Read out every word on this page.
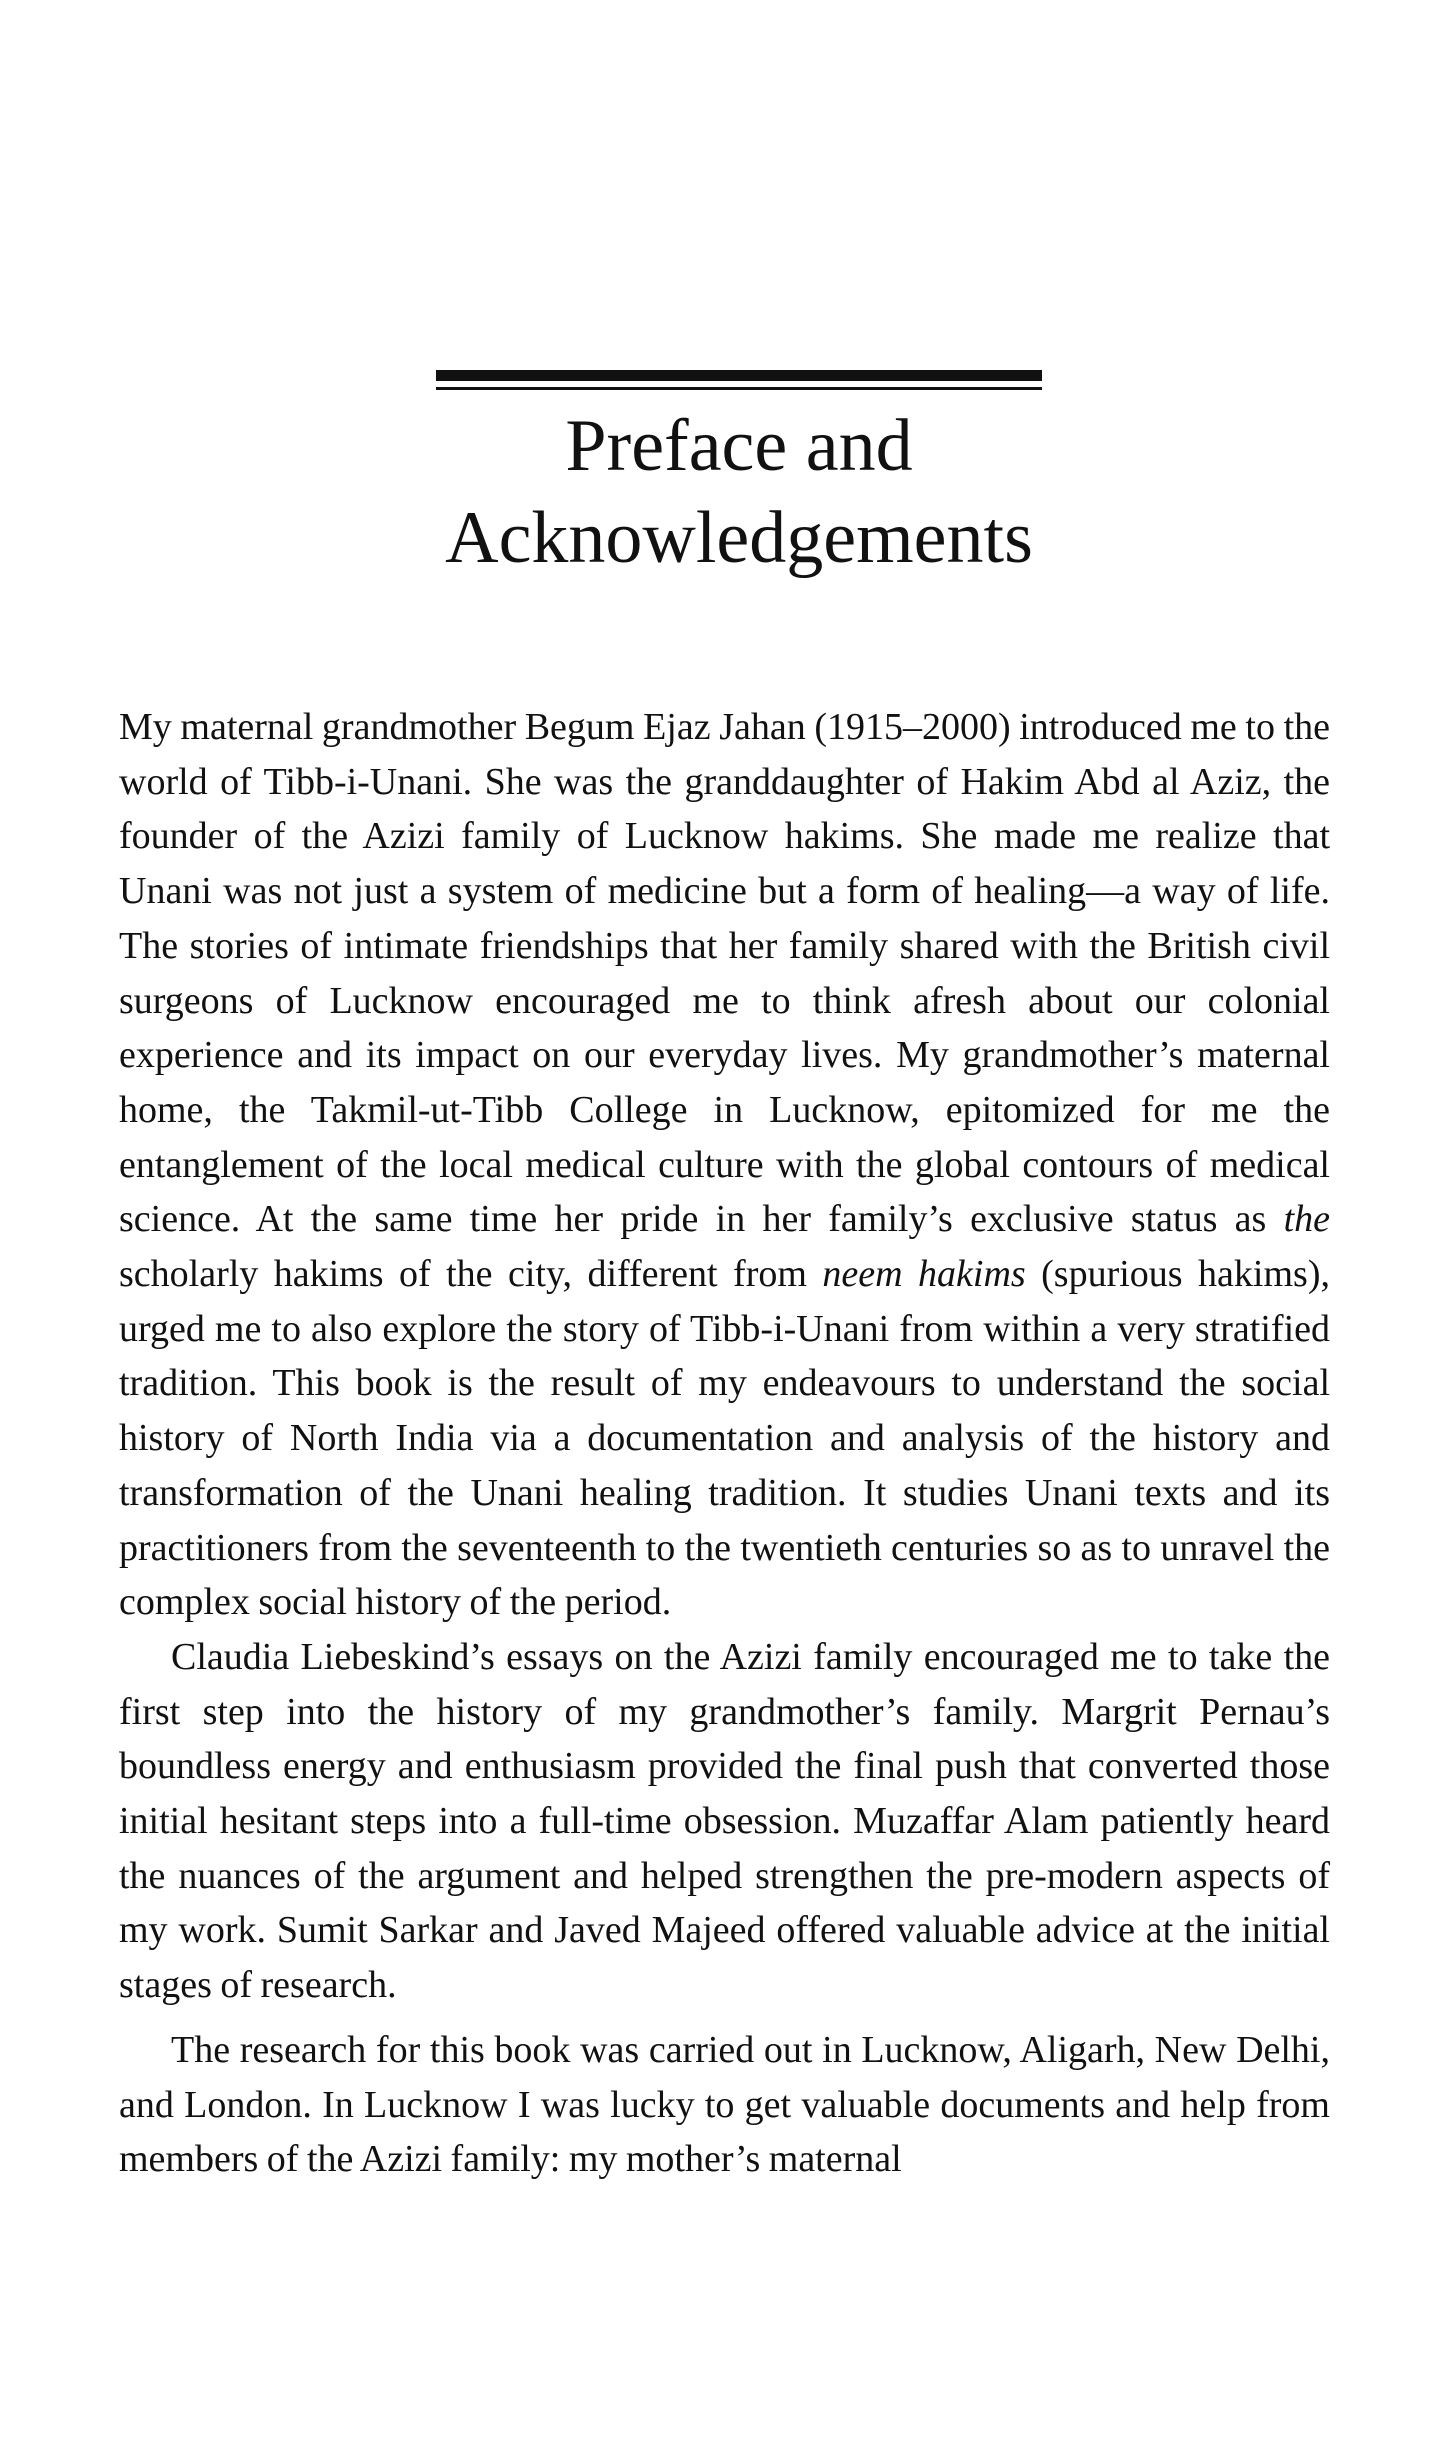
Preface and
Acknowledgements

My maternal grandmother Begum Ejaz Jahan (1915–2000) introduced me to the world of Tibb-i-Unani. She was the granddaughter of Hakim Abd al Aziz, the founder of the Azizi family of Lucknow hakims. She made me realize that Unani was not just a system of medicine but a form of healing—a way of life. The stories of intimate friendships that her family shared with the British civil surgeons of Lucknow encouraged me to think afresh about our colonial experience and its impact on our everyday lives. My grandmother’s maternal home, the Takmil-ut-Tibb College in Lucknow, epitomized for me the entanglement of the local medical culture with the global contours of medical science. At the same time her pride in her family’s exclusive status as the scholarly hakims of the city, different from neem hakims (spurious hakims), urged me to also explore the story of Tibb-i-Unani from within a very stratified tradition. This book is the result of my endeavours to understand the social history of North India via a documentation and analysis of the history and transformation of the Unani healing tradition. It studies Unani texts and its practitioners from the seventeenth to the twentieth centuries so as to unravel the complex social history of the period.

Claudia Liebeskind’s essays on the Azizi family encouraged me to take the first step into the history of my grandmother’s family. Margrit Pernau’s boundless energy and enthusiasm provided the final push that converted those initial hesitant steps into a full-time obsession. Muzaffar Alam patiently heard the nuances of the argument and helped strengthen the pre-modern aspects of my work. Sumit Sarkar and Javed Majeed offered valuable advice at the initial stages of research.

The research for this book was carried out in Lucknow, Aligarh, New Delhi, and London. In Lucknow I was lucky to get valuable documents and help from members of the Azizi family: my mother’s maternal
